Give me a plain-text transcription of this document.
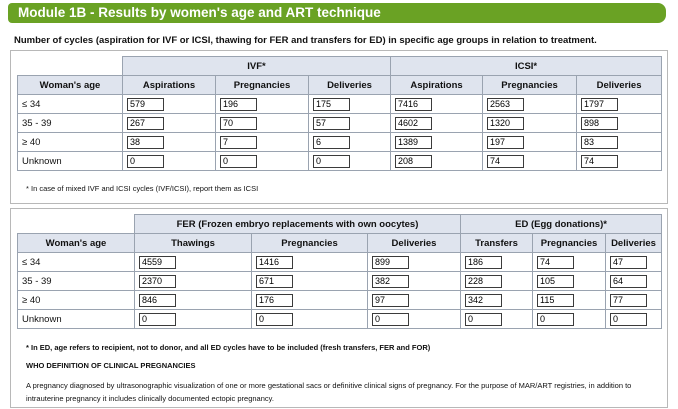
Module 1B - Results by women's age and ART technique
Number of cycles (aspiration for IVF or ICSI, thawing for FER and transfers for ED) in specific age groups in relation to treatment.
	IVF*			ICSI*		
Woman's age	Aspirations	Pregnancies	Deliveries	Aspirations	Pregnancies	Deliveries
≤ 34	579	196	175	7416	2563	1797
35 - 39	267	70	57	4602	1320	898
≥ 40	38	7	6	1389	197	83
Unknown	0	0	0	208	74	74
* In case of mixed IVF and ICSI cycles (IVF/ICSI), report them as ICSI
	FER (Frozen embryo replacements with own oocytes)			ED (Egg donations)*		
Woman's age	Thawings	Pregnancies	Deliveries	Transfers	Pregnancies	Deliveries
≤ 34	4559	1416	899	186	74	47
35 - 39	2370	671	382	228	105	64
≥ 40	846	176	97	342	115	77
Unknown	0	0	0	0	0	0
* In ED, age refers to recipient, not to donor, and all ED cycles have to be included (fresh transfers, FER and FOR)
WHO DEFINITION OF CLINICAL PREGNANCIES
A pregnancy diagnosed by ultrasonographic visualization of one or more gestational sacs or definitive clinical signs of pregnancy. For the purpose of MAR/ART registries, in addition to
intrauterine pregnancy it includes clinically documented ectopic pregnancy.
